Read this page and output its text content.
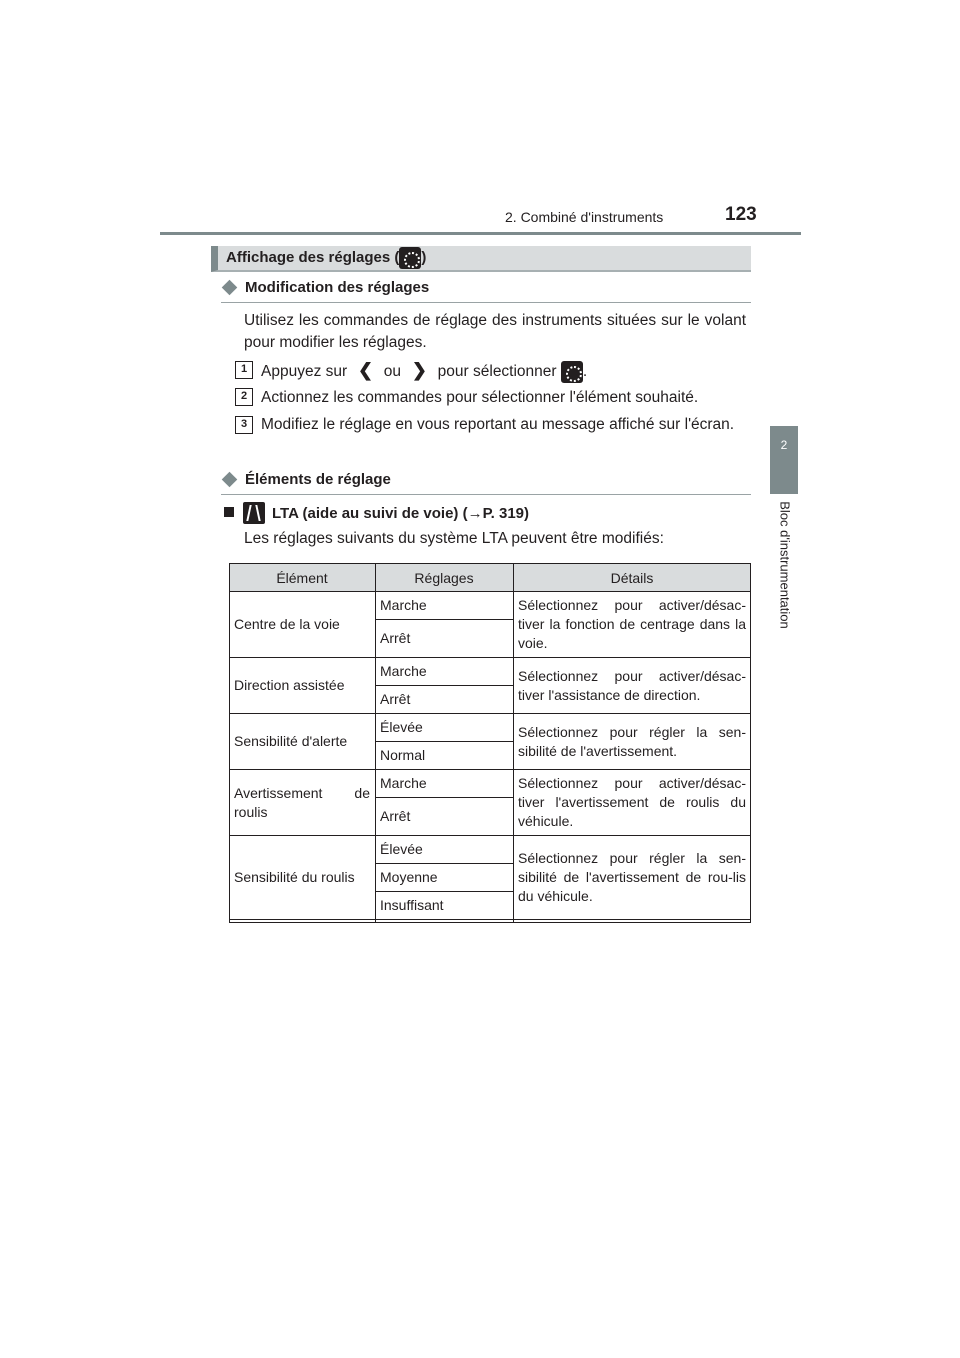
2. Combiné d'instruments	123
2
Bloc d'instrumentation
Affichage des réglages ( )
Modification des réglages
Utilisez les commandes de réglage des instruments situées sur le volant pour modifier les réglages.
1 Appuyez sur ❮ ou ❯ pour sélectionner .
2 Actionnez les commandes pour sélectionner l'élément souhaité.
3 Modifiez le réglage en vous reportant au message affiché sur l'écran.
Éléments de réglage
LTA (aide au suivi de voie) (→P. 319)
Les réglages suivants du système LTA peuvent être modifiés:
Élément	Réglages	Détails
Centre de la voie	Marche	Sélectionnez pour activer/désac-tiver la fonction de centrage dans la voie.
	Arrêt	
Direction assistée	Marche	Sélectionnez pour activer/désac-tiver l'assistance de direction.
	Arrêt	
Sensibilité d'alerte	Élevée	Sélectionnez pour régler la sen-sibilité de l'avertissement.
	Normal	
Avertissement de roulis	Marche	Sélectionnez pour activer/désac-tiver l'avertissement de roulis du véhicule.
	Arrêt	
Sensibilité du roulis	Élevée	Sélectionnez pour régler la sen-sibilité de l'avertissement de rou-lis du véhicule.
	Moyenne	
	Insuffisant	
